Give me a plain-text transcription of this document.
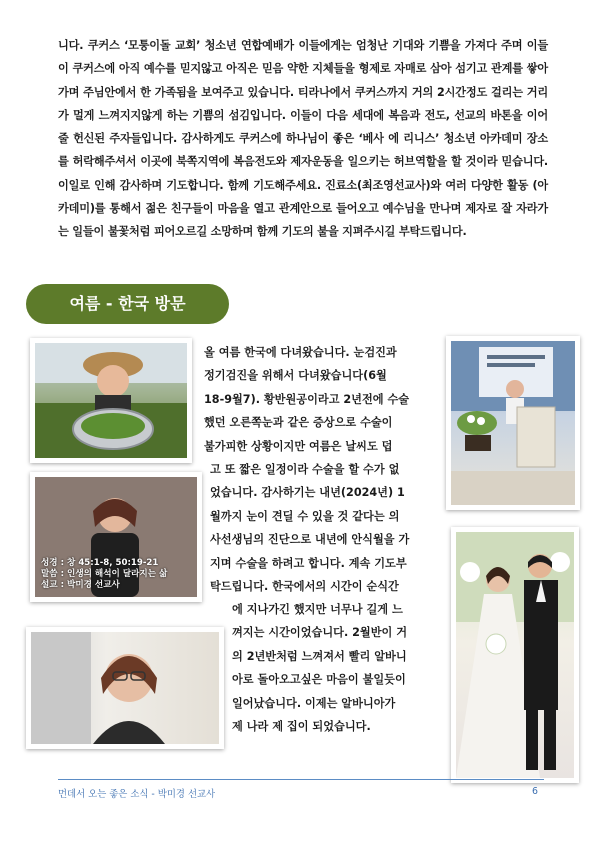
니다. 쿠커스 ‘모퉁이돌 교회’ 청소년 연합예배가 이들에게는 엄청난 기대와 기쁨을 가져다 주며 이들이 쿠커스에 아직 예수를 믿지않고 아직은 믿음 약한 지체들을 형제로 자매로 삼아 섬기고 관계를 쌓아가며 주님안에서 한 가족됨을 보여주고 있습니다. 티라나에서 쿠커스까지 거의 2시간정도 걸리는 거리가 멀게 느껴지지않게 하는 기쁨의 섬김입니다. 이들이 다음 세대에 복음과 전도, 선교의 바톤을 이어줄 헌신된 주자들입니다. 감사하게도 쿠커스에 하나님이 좋은 ‘베사 에 리니스’ 청소년 아카데미 장소를 허락해주셔서 이곳에 북쪽지역에 복음전도와 제자운동을 일으키는 허브역할을 할 것이라 믿습니다. 이일로 인해 감사하며 기도합니다. 함께 기도해주세요. 진료소(최조영선교사)와 여러 다양한 활동 (아카데미)를 통해서 젊은 친구들이 마음을 열고 관계안으로 들어오고 예수님을 만나며 제자로 잘 자라가는 일들이 불꽃처럼 피어오르길 소망하며 함께 기도의 불을 지펴주시길 부탁드립니다.

여름 - 한국 방문
성경 : 창 45:1-8, 50:19-21
말씀 : 인생의 해석이 달라지는 삶
설교 : 박미경 선교사
올 여름 한국에 다녀왔습니다. 눈검진과
정기검진을 위해서 다녀왔습니다(6월
18-9월7). 황반원공이라고 2년전에 수술
했던 오른쪽눈과 같은 증상으로 수술이
불가피한 상황이지만 여름은 날씨도 덥
고 또 짧은 일정이라 수술을 할 수가 없
었습니다. 감사하기는 내년(2024년) 1
월까지 눈이 견딜 수 있을 것 같다는 의
사선생님의 진단으로 내년에 안식월을 가
지며 수술을 하려고 합니다. 계속 기도부
탁드립니다. 한국에서의 시간이 순식간
에 지나가긴 했지만 너무나 길게 느
껴지는 시간이었습니다. 2월반이 거
의 2년반처럼 느껴져서 빨리 알바니
아로 돌아오고싶은 마음이 불일듯이
일어났습니다. 이제는 알바니아가
제 나라 제 집이 되었습니다.
먼데서 오는 좋은 소식 - 박미경 선교사	6
